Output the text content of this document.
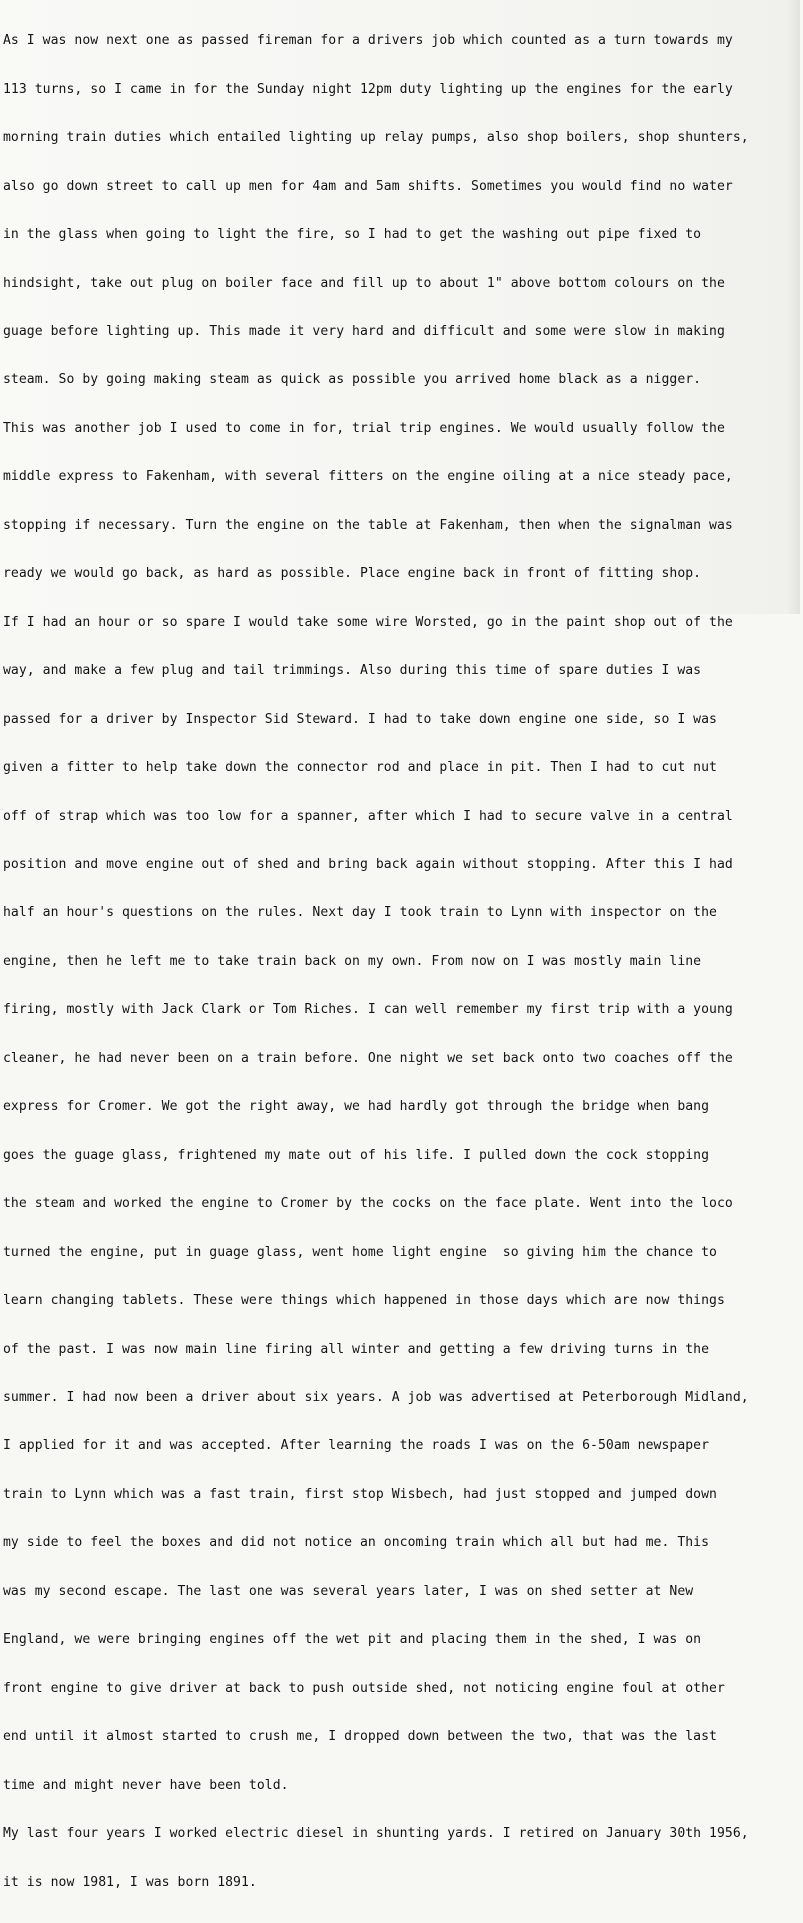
As I was now next one as passed fireman for a drivers job which counted as a turn towards my

113 turns, so I came in for the Sunday night 12pm duty lighting up the engines for the early

morning train duties which entailed lighting up relay pumps, also shop boilers, shop shunters,

also go down street to call up men for 4am and 5am shifts. Sometimes you would find no water

in the glass when going to light the fire, so I had to get the washing out pipe fixed to

hindsight, take out plug on boiler face and fill up to about 1" above bottom colours on the

guage before lighting up. This made it very hard and difficult and some were slow in making

steam. So by going making steam as quick as possible you arrived home black as a nigger.

This was another job I used to come in for, trial trip engines. We would usually follow the

middle express to Fakenham, with several fitters on the engine oiling at a nice steady pace,

stopping if necessary. Turn the engine on the table at Fakenham, then when the signalman was

ready we would go back, as hard as possible. Place engine back in front of fitting shop.

If I had an hour or so spare I would take some wire Worsted, go in the paint shop out of the

way, and make a few plug and tail trimmings. Also during this time of spare duties I was

passed for a driver by Inspector Sid Steward. I had to take down engine one side, so I was

given a fitter to help take down the connector rod and place in pit. Then I had to cut nut

off of strap which was too low for a spanner, after which I had to secure valve in a central

position and move engine out of shed and bring back again without stopping. After this I had

half an hour's questions on the rules. Next day I took train to Lynn with inspector on the

engine, then he left me to take train back on my own. From now on I was mostly main line

firing, mostly with Jack Clark or Tom Riches. I can well remember my first trip with a young

cleaner, he had never been on a train before. One night we set back onto two coaches off the

express for Cromer. We got the right away, we had hardly got through the bridge when bang

goes the guage glass, frightened my mate out of his life. I pulled down the cock stopping

the steam and worked the engine to Cromer by the cocks on the face plate. Went into the loco

turned the engine, put in guage glass, went home light engine  so giving him the chance to

learn changing tablets. These were things which happened in those days which are now things

of the past. I was now main line firing all winter and getting a few driving turns in the

summer. I had now been a driver about six years. A job was advertised at Peterborough Midland,

I applied for it and was accepted. After learning the roads I was on the 6-50am newspaper

train to Lynn which was a fast train, first stop Wisbech, had just stopped and jumped down

my side to feel the boxes and did not notice an oncoming train which all but had me. This

was my second escape. The last one was several years later, I was on shed setter at New

England, we were bringing engines off the wet pit and placing them in the shed, I was on

front engine to give driver at back to push outside shed, not noticing engine foul at other

end until it almost started to crush me, I dropped down between the two, that was the last

time and might never have been told.

My last four years I worked electric diesel in shunting yards. I retired on January 30th 1956,

it is now 1981, I was born 1891.
